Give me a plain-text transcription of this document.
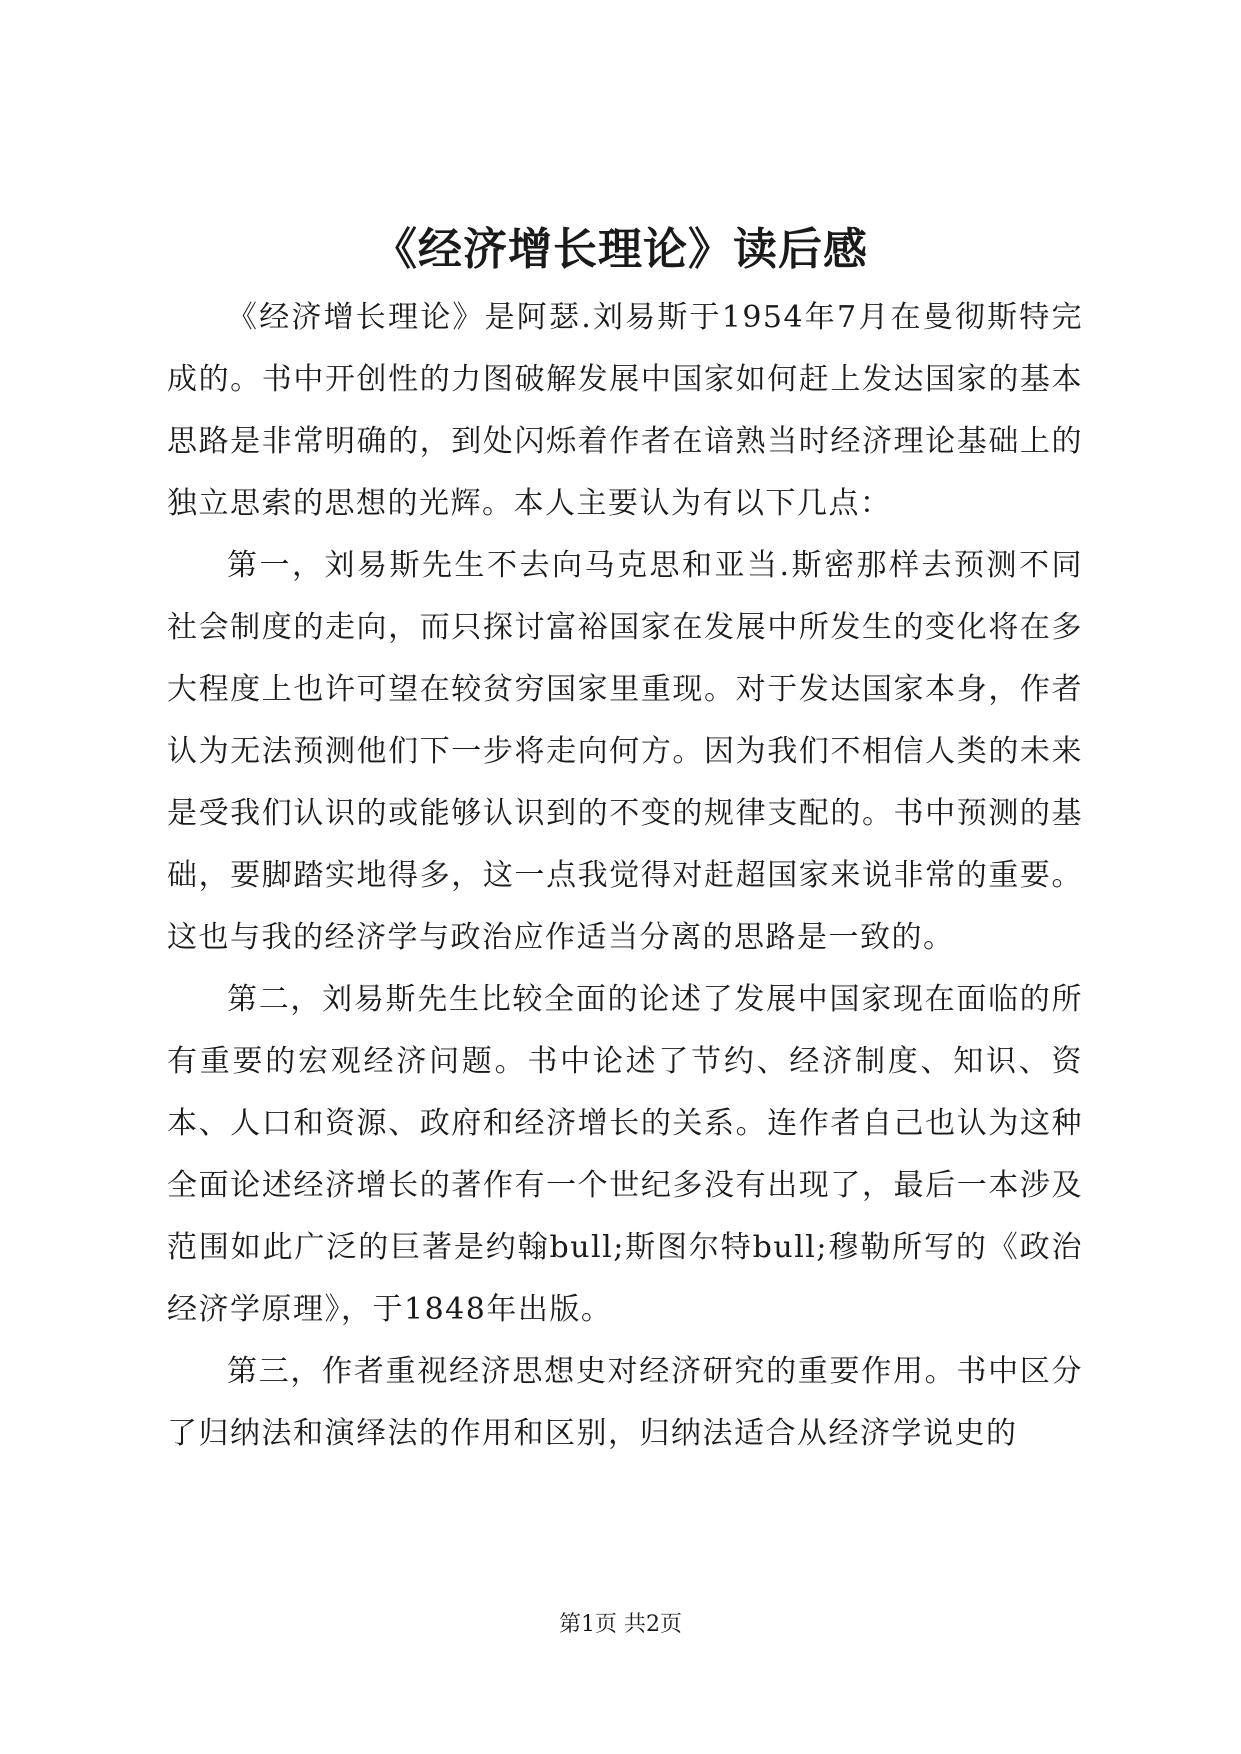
《经济增长理论》读后感

《经济增长理论》是阿瑟.刘易斯于1954年7月在曼彻斯特完成的。书中开创性的力图破解发展中国家如何赶上发达国家的基本思路是非常明确的，到处闪烁着作者在谙熟当时经济理论基础上的独立思索的思想的光辉。本人主要认为有以下几点：

第一，刘易斯先生不去向马克思和亚当.斯密那样去预测不同社会制度的走向，而只探讨富裕国家在发展中所发生的变化将在多大程度上也许可望在较贫穷国家里重现。对于发达国家本身，作者认为无法预测他们下一步将走向何方。因为我们不相信人类的未来是受我们认识的或能够认识到的不变的规律支配的。书中预测的基础，要脚踏实地得多，这一点我觉得对赶超国家来说非常的重要。这也与我的经济学与政治应作适当分离的思路是一致的。

第二，刘易斯先生比较全面的论述了发展中国家现在面临的所有重要的宏观经济问题。书中论述了节约、经济制度、知识、资本、人口和资源、政府和经济增长的关系。连作者自己也认为这种全面论述经济增长的著作有一个世纪多没有出现了，最后一本涉及范围如此广泛的巨著是约翰bull;斯图尔特bull;穆勒所写的《政治经济学原理》，于1848年出版。

第三，作者重视经济思想史对经济研究的重要作用。书中区分了归纳法和演绎法的作用和区别，归纳法适合从经济学说史的

第1页 共2页
